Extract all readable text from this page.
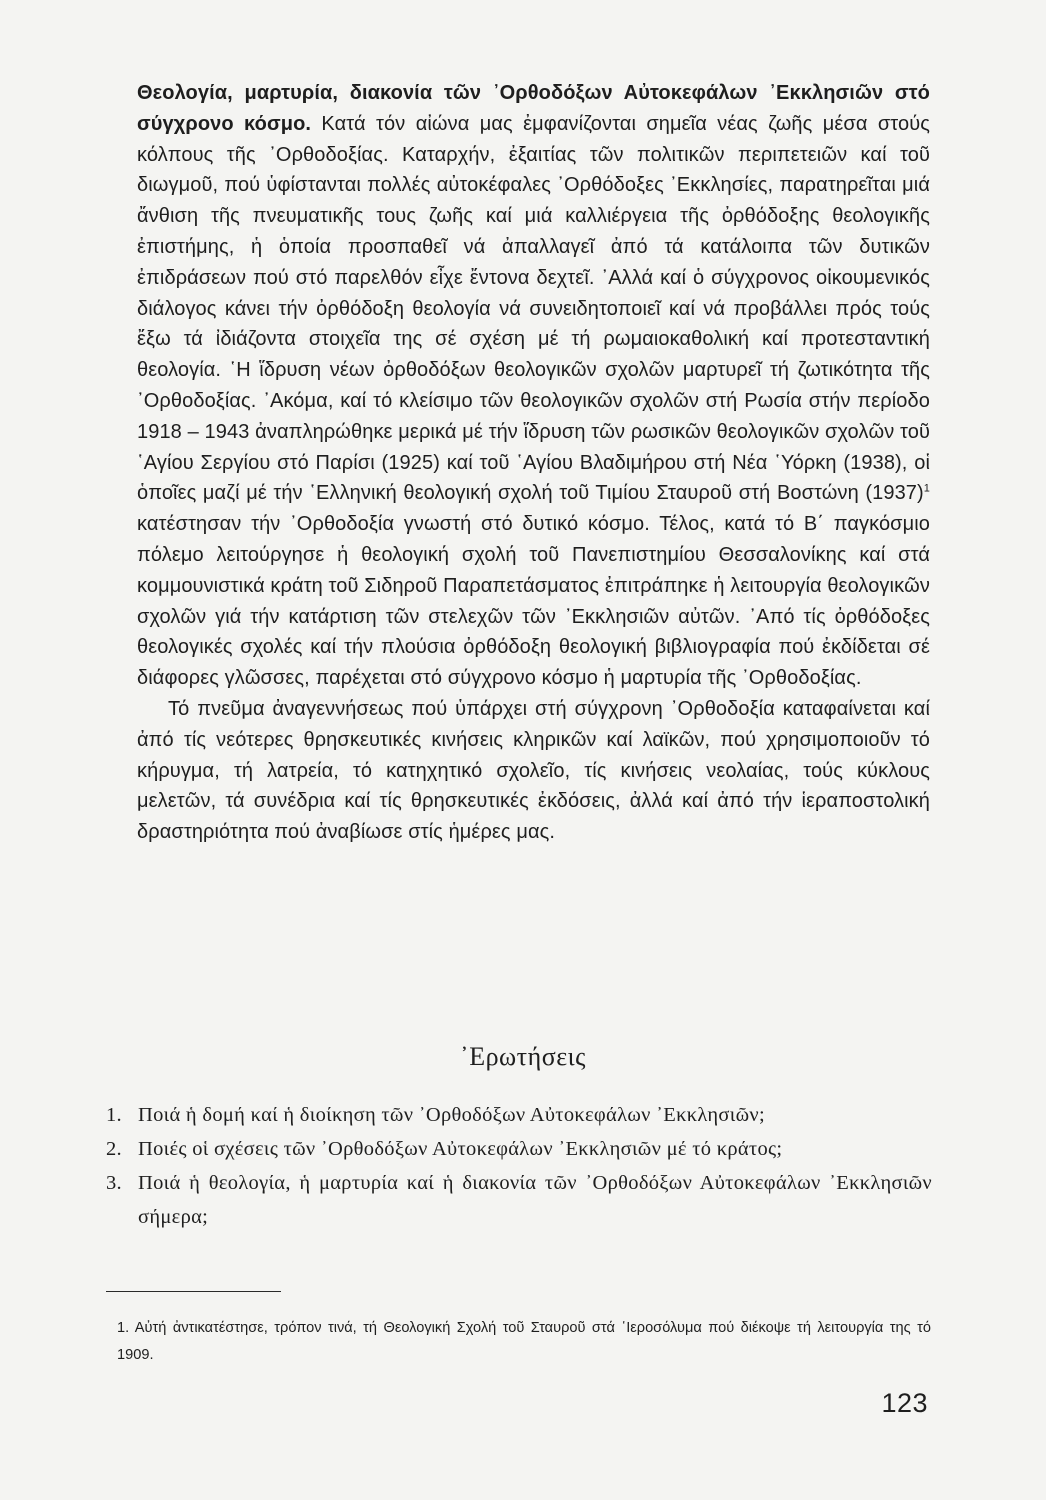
Θεολογία, μαρτυρία, διακονία τῶν ᾿Ορθοδόξων Αὐτοκεφάλων ᾿Εκκλησιῶν στό σύγχρονο κόσμο. Κατά τόν αἰώνα μας ἐμφανίζονται σημεῖα νέας ζωῆς μέσα στούς κόλπους τῆς ᾿Ορθοδοξίας. Καταρχήν, ἐξαιτίας τῶν πολιτικῶν περιπετειῶν καί τοῦ διωγμοῦ, πού ὑφίστανται πολλές αὐτοκέφαλες ᾿Ορθόδοξες ᾿Εκκλησίες, παρατηρεῖται μιά ἄνθιση τῆς πνευματικῆς τους ζωῆς καί μιά καλλιέργεια τῆς ὀρθόδοξης θεολογικῆς ἐπιστήμης, ἡ ὁποία προσπαθεῖ νά ἀπαλλαγεῖ ἀπό τά κατάλοιπα τῶν δυτικῶν ἐπιδράσεων πού στό παρελθόν εἶχε ἔντονα δεχτεῖ. ᾿Αλλά καί ὁ σύγχρονος οἰκουμενικός διάλογος κάνει τήν ὀρθόδοξη θεολογία νά συνειδητοποιεῖ καί νά προβάλλει πρός τούς ἔξω τά ἰδιάζοντα στοιχεῖα της σέ σχέση μέ τή ρωμαιοκαθολική καί προτεσταντική θεολογία. ῾Η ἵδρυση νέων ὀρθοδόξων θεολογικῶν σχολῶν μαρτυρεῖ τή ζωτικότητα τῆς ᾿Ορθοδοξίας. ᾿Ακόμα, καί τό κλείσιμο τῶν θεολογικῶν σχολῶν στή Ρωσία στήν περίοδο 1918 – 1943 ἀναπληρώθηκε μερικά μέ τήν ἵδρυση τῶν ρωσικῶν θεολογικῶν σχολῶν τοῦ ῾Αγίου Σεργίου στό Παρίσι (1925) καί τοῦ ῾Αγίου Βλαδιμήρου στή Νέα ῾Υόρκη (1938), οἱ ὁποῖες μαζί μέ τήν ῾Ελληνική θεολογική σχολή τοῦ Τιμίου Σταυροῦ στή Βοστώνη $(1937)^1$ κατέστησαν τήν ᾿Ορθοδοξία γνωστή στό δυτικό κόσμο. Τέλος, κατά τό Β΄ παγκόσμιο πόλεμο λειτούργησε ἡ θεολογική σχολή τοῦ Πανεπιστημίου Θεσσαλονίκης καί στά κομμουνιστικά κράτη τοῦ Σιδηροῦ Παραπετάσματος ἐπιτράπηκε ἡ λειτουργία θεολογικῶν σχολῶν γιά τήν κατάρτιση τῶν στελεχῶν τῶν ᾿Εκκλησιῶν αὐτῶν. ᾿Από τίς ὀρθόδοξες θεολογικές σχολές καί τήν πλούσια ὀρθόδοξη θεολογική βιβλιογραφία πού ἐκδίδεται σέ διάφορες γλῶσσες, παρέχεται στό σύγχρονο κόσμο ἡ μαρτυρία τῆς ᾿Ορθοδοξίας.

Τό πνεῦμα ἀναγεννήσεως πού ὑπάρχει στή σύγχρονη ᾿Ορθοδοξία καταφαίνεται καί ἀπό τίς νεότερες θρησκευτικές κινήσεις κληρικῶν καί λαϊκῶν, πού χρησιμοποιοῦν τό κήρυγμα, τή λατρεία, τό κατηχητικό σχολεῖο, τίς κινήσεις νεολαίας, τούς κύκλους μελετῶν, τά συνέδρια καί τίς θρησκευτικές ἐκδόσεις, ἀλλά καί ἀπό τήν ἱεραποστολική δραστηριότητα πού ἀναβίωσε στίς ἡμέρες μας.

᾿Ερωτήσεις
1. Ποιά ἡ δομή καί ἡ διοίκηση τῶν ᾿Ορθοδόξων Αὐτοκεφάλων ᾿Εκκλησιῶν;
2. Ποιές οἱ σχέσεις τῶν ᾿Ορθοδόξων Αὐτοκεφάλων ᾿Εκκλησιῶν μέ τό κράτος;
3. Ποιά ἡ θεολογία, ἡ μαρτυρία καί ἡ διακονία τῶν ᾿Ορθοδόξων Αὐτοκεφάλων ᾿Εκκλησιῶν σήμερα;
1. Αὐτή ἀντικατέστησε, τρόπον τινά, τή Θεολογική Σχολή τοῦ Σταυροῦ στά ῾Ιεροσόλυμα πού διέκοψε τή λειτουργία της τό 1909.
123
